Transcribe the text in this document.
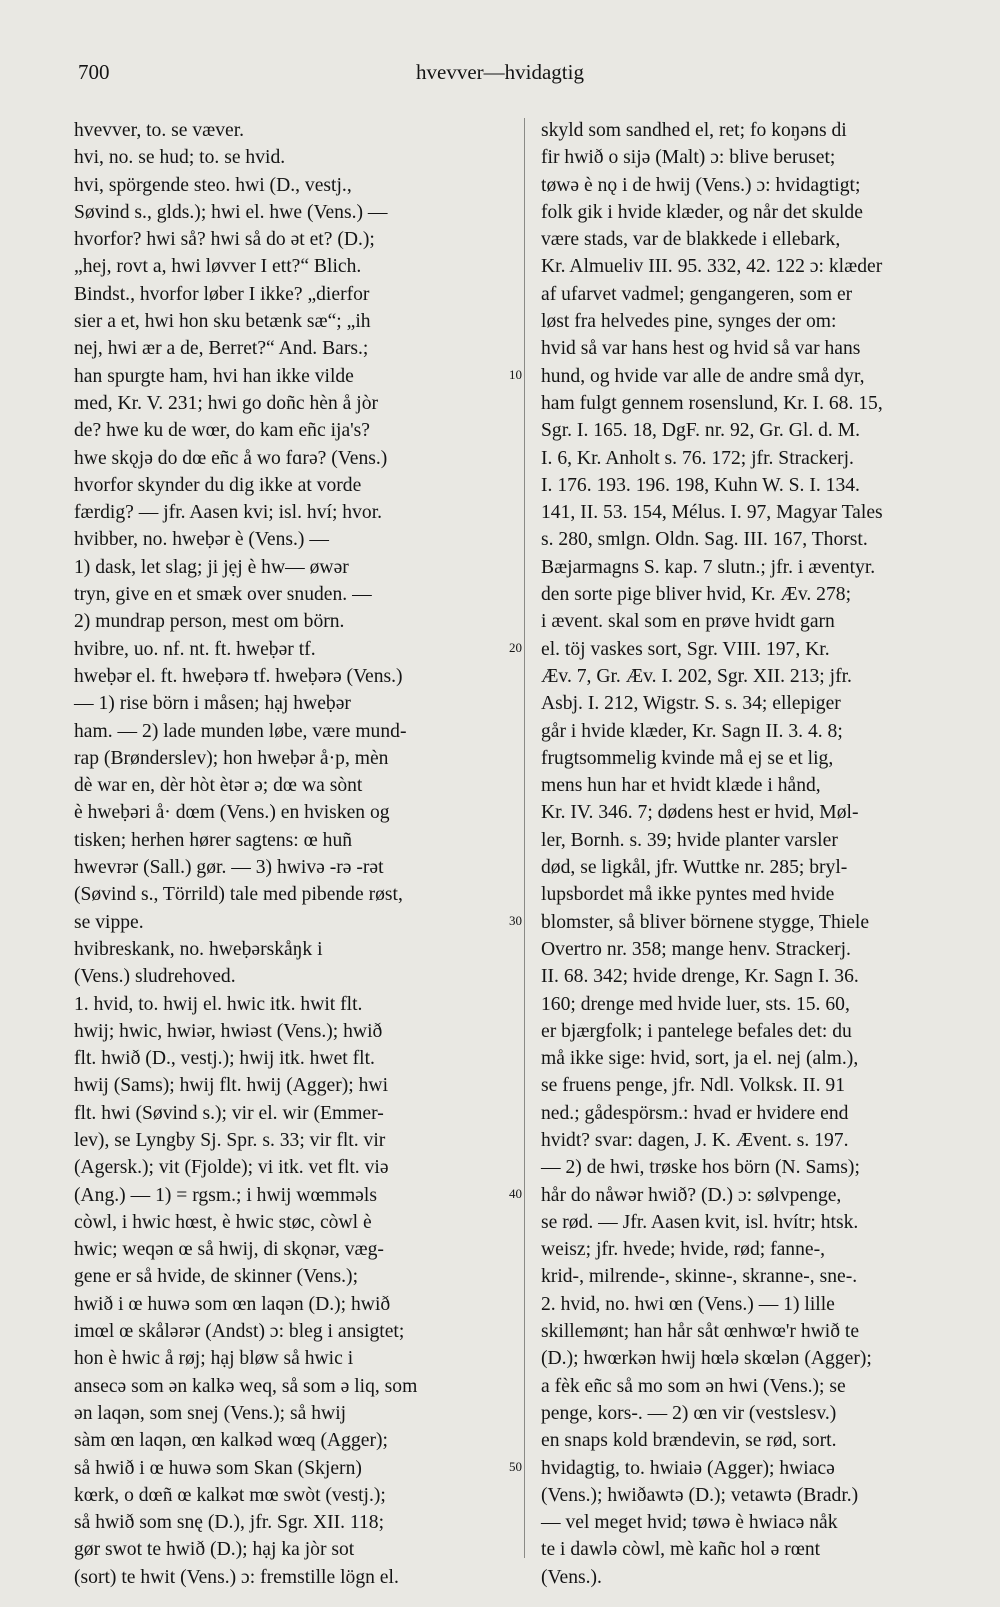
700	hvevver—hvidagtig
hvevver, to. se væver.
hvi, no. se hud; to. se hvid.
hvi, spörgende steo. hwi (D., vestj.,
Søvind s., glds.); hwi el. hwe (Vens.) —
hvorfor? hwi så? hwi så do ət et? (D.);
„hej, rovt a, hwi løvver I ett?“ Blich.
Bindst., hvorfor løber I ikke? „dierfor
sier a et, hwi hon sku betænk sæ“; „ih
nej, hwi ær a de, Berret?“ And. Bars.;
han spurgte ham, hvi han ikke vilde
med, Kr. V. 231; hwi go doñc hèn å jòr
de? hwe ku de wœr, do kam eñc ija's?
hwe skǫjə do dœ eñc å wo fɑrə? (Vens.)
hvorfor skynder du dig ikke at vorde
færdig? — jfr. Aasen kvi; isl. hví; hvor.
hvibber, no. hweḅər è (Vens.) —
1) dask, let slag; ji jẹj è hw— øwər
tryn, give en et smæk over snuden. —
2) mundrap person, mest om börn.
hvibre, uo. nf. nt. ft. hweḅər tf.
hweḅər el. ft. hweḅərə tf. hweḅərə (Vens.)
— 1) rise börn i måsen; hạj hweḅər
ham. — 2) lade munden løbe, være mund-
rap (Brønderslev); hon hweḅər å·p, mèn
dè war en, dèr hòt ètər ə; dœ wa sònt
è hweḅəri å· dœm (Vens.) en hvisken og
tisken; herhen hører sagtens: œ huñ
hwevrər (Sall.) gør. — 3) hwivə -rə -rət
(Søvind s., Törrild) tale med pibende røst,
se vippe.
hvibreskank, no. hweḅərskåŋk i
(Vens.) sludrehoved.
1. hvid, to. hwij el. hwic itk. hwit flt.
hwij; hwic, hwiər, hwiəst (Vens.); hwið
flt. hwið (D., vestj.); hwij itk. hwet flt.
hwij (Sams); hwij flt. hwij (Agger); hwi
flt. hwi (Søvind s.); vir el. wir (Emmer-
lev), se Lyngby Sj. Spr. s. 33; vir flt. vir
(Agersk.); vit (Fjolde); vi itk. vet flt. viə
(Ang.) — 1) = rgsm.; i hwij wœmməls
còwl, i hwic hœst, è hwic støc, còwl è
hwic; weqən œ så hwij, di skǫnər, væg-
gene er så hvide, de skinner (Vens.);
hwið i œ huwə som œn laqən (D.); hwið
imœl œ skålərər (Andst) ɔ: bleg i ansigtet;
hon è hwic å røj; hạj bløw så hwic i
ansecə som ən kalkə weq, så som ə liq, som
ən laqən, som snej (Vens.); så hwij
sàm œn laqən, œn kalkəd wœq (Agger);
så hwið i œ huwə som Skan (Skjern)
kœrk, o dœñ œ kalkət mœ swòt (vestj.);
så hwið som snę (D.), jfr. Sgr. XII. 118;
gør swot te hwið (D.); hạj ka jòr sot
(sort) te hwit (Vens.) ɔ: fremstille lögn el.
skyld som sandhed el, ret; fo koŋəns di
fir hwið o sijə (Malt) ɔ: blive beruset;
tøwə è nǫ i de hwij (Vens.) ɔ: hvidagtigt;
folk gik i hvide klæder, og når det skulde
være stads, var de blakkede i ellebark,
Kr. Almueliv III. 95. 332, 42. 122 ɔ: klæder
af ufarvet vadmel; gengangeren, som er
løst fra helvedes pine, synges der om:
hvid så var hans hest og hvid så var hans
hund, og hvide var alle de andre små dyr,
ham fulgt gennem rosenslund, Kr. I. 68. 15,
Sgr. I. 165. 18, DgF. nr. 92, Gr. Gl. d. M.
I. 6, Kr. Anholt s. 76. 172; jfr. Strackerj.
I. 176. 193. 196. 198, Kuhn W. S. I. 134.
141, II. 53. 154, Mélus. I. 97, Magyar Tales
s. 280, smlgn. Oldn. Sag. III. 167, Thorst.
Bæjarmagns S. kap. 7 slutn.; jfr. i æventyr.
den sorte pige bliver hvid, Kr. Æv. 278;
i ævent. skal som en prøve hvidt garn
el. töj vaskes sort, Sgr. VIII. 197, Kr.
Æv. 7, Gr. Æv. I. 202, Sgr. XII. 213; jfr.
Asbj. I. 212, Wigstr. S. s. 34; ellepiger
går i hvide klæder, Kr. Sagn II. 3. 4. 8;
frugtsommelig kvinde må ej se et lig,
mens hun har et hvidt klæde i hånd,
Kr. IV. 346. 7; dødens hest er hvid, Møl-
ler, Bornh. s. 39; hvide planter varsler
død, se ligkål, jfr. Wuttke nr. 285; bryl-
lupsbordet må ikke pyntes med hvide
blomster, så bliver börnene stygge, Thiele
Overtro nr. 358; mange henv. Strackerj.
II. 68. 342; hvide drenge, Kr. Sagn I. 36.
160; drenge med hvide luer, sts. 15. 60,
er bjærgfolk; i pantelege befales det: du
må ikke sige: hvid, sort, ja el. nej (alm.),
se fruens penge, jfr. Ndl. Volksk. II. 91
ned.; gådespörsm.: hvad er hvidere end
hvidt? svar: dagen, J. K. Ævent. s. 197.
— 2) de hwi, trøske hos börn (N. Sams);
hår do nåwər hwið? (D.) ɔ: sølvpenge,
se rød. — Jfr. Aasen kvit, isl. hvítr; htsk.
weisz; jfr. hvede; hvide, rød; fanne-,
krid-, milrende-, skinne-, skranne-, sne-.
2. hvid, no. hwi œn (Vens.) — 1) lille
skillemønt; han hår såt œnhwœ'r hwið te
(D.); hwœrkən hwij hœlə skœlən (Agger);
a fèk eñc så mo som ən hwi (Vens.); se
penge, kors-. — 2) œn vir (vestslesv.)
en snaps kold brændevin, se rød, sort.
hvidagtig, to. hwiaiə (Agger); hwiacə
(Vens.); hwiðawtə (D.); vetawtə (Bradr.)
— vel meget hvid; tøwə è hwiacə nåk
te i dawlə còwl, mè kañc hol ə rœnt
(Vens.).
10
20
30
40
50
